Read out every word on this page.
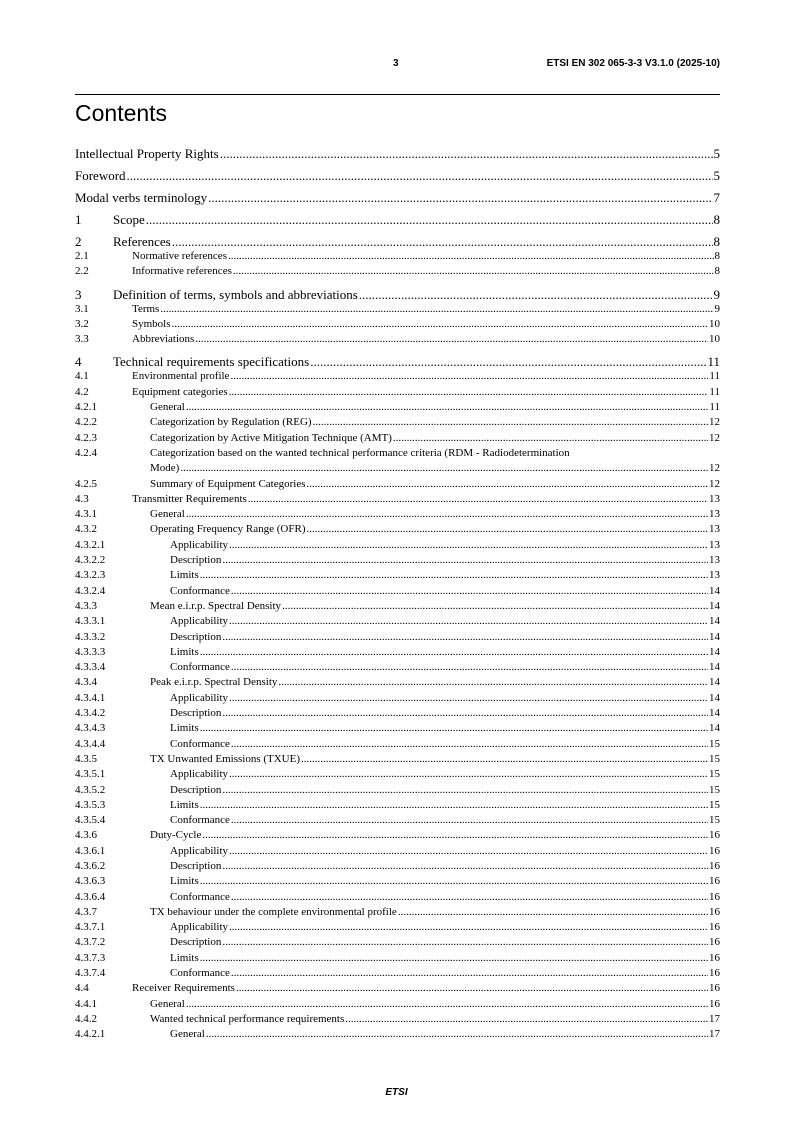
3	ETSI EN 302 065-3-3 V3.1.0 (2025-10)
Contents
Intellectual Property Rights .....	5
Foreword .....	5
Modal verbs terminology .....	7
1	Scope .....	8
2	References .....	8
2.1	Normative references .....	8
2.2	Informative references .....	8
3	Definition of terms, symbols and abbreviations .....	9
3.1	Terms .....	9
3.2	Symbols .....	10
3.3	Abbreviations .....	10
4	Technical requirements specifications .....	11
4.1	Environmental profile .....	11
4.2	Equipment categories .....	11
4.2.1	General .....	11
4.2.2	Categorization by Regulation (REG) .....	12
4.2.3	Categorization by Active Mitigation Technique (AMT) .....	12
4.2.4	Categorization based on the wanted technical performance criteria (RDM - Radiodetermination
Mode) .....	12
4.2.5	Summary of Equipment Categories .....	12
4.3	Transmitter Requirements .....	13
4.3.1	General .....	13
4.3.2	Operating Frequency Range (OFR) .....	13
4.3.2.1	Applicability .....	13
4.3.2.2	Description .....	13
4.3.2.3	Limits .....	13
4.3.2.4	Conformance .....	14
4.3.3	Mean e.i.r.p. Spectral Density .....	14
4.3.3.1	Applicability .....	14
4.3.3.2	Description .....	14
4.3.3.3	Limits .....	14
4.3.3.4	Conformance .....	14
4.3.4	Peak e.i.r.p. Spectral Density .....	14
4.3.4.1	Applicability .....	14
4.3.4.2	Description .....	14
4.3.4.3	Limits .....	14
4.3.4.4	Conformance .....	15
4.3.5	TX Unwanted Emissions (TXUE) .....	15
4.3.5.1	Applicability .....	15
4.3.5.2	Description .....	15
4.3.5.3	Limits .....	15
4.3.5.4	Conformance .....	15
4.3.6	Duty-Cycle .....	16
4.3.6.1	Applicability .....	16
4.3.6.2	Description .....	16
4.3.6.3	Limits .....	16
4.3.6.4	Conformance .....	16
4.3.7	TX behaviour under the complete environmental profile .....	16
4.3.7.1	Applicability .....	16
4.3.7.2	Description .....	16
4.3.7.3	Limits .....	16
4.3.7.4	Conformance .....	16
4.4	Receiver Requirements .....	16
4.4.1	General .....	16
4.4.2	Wanted technical performance requirements .....	17
4.4.2.1	General .....	17
ETSI
